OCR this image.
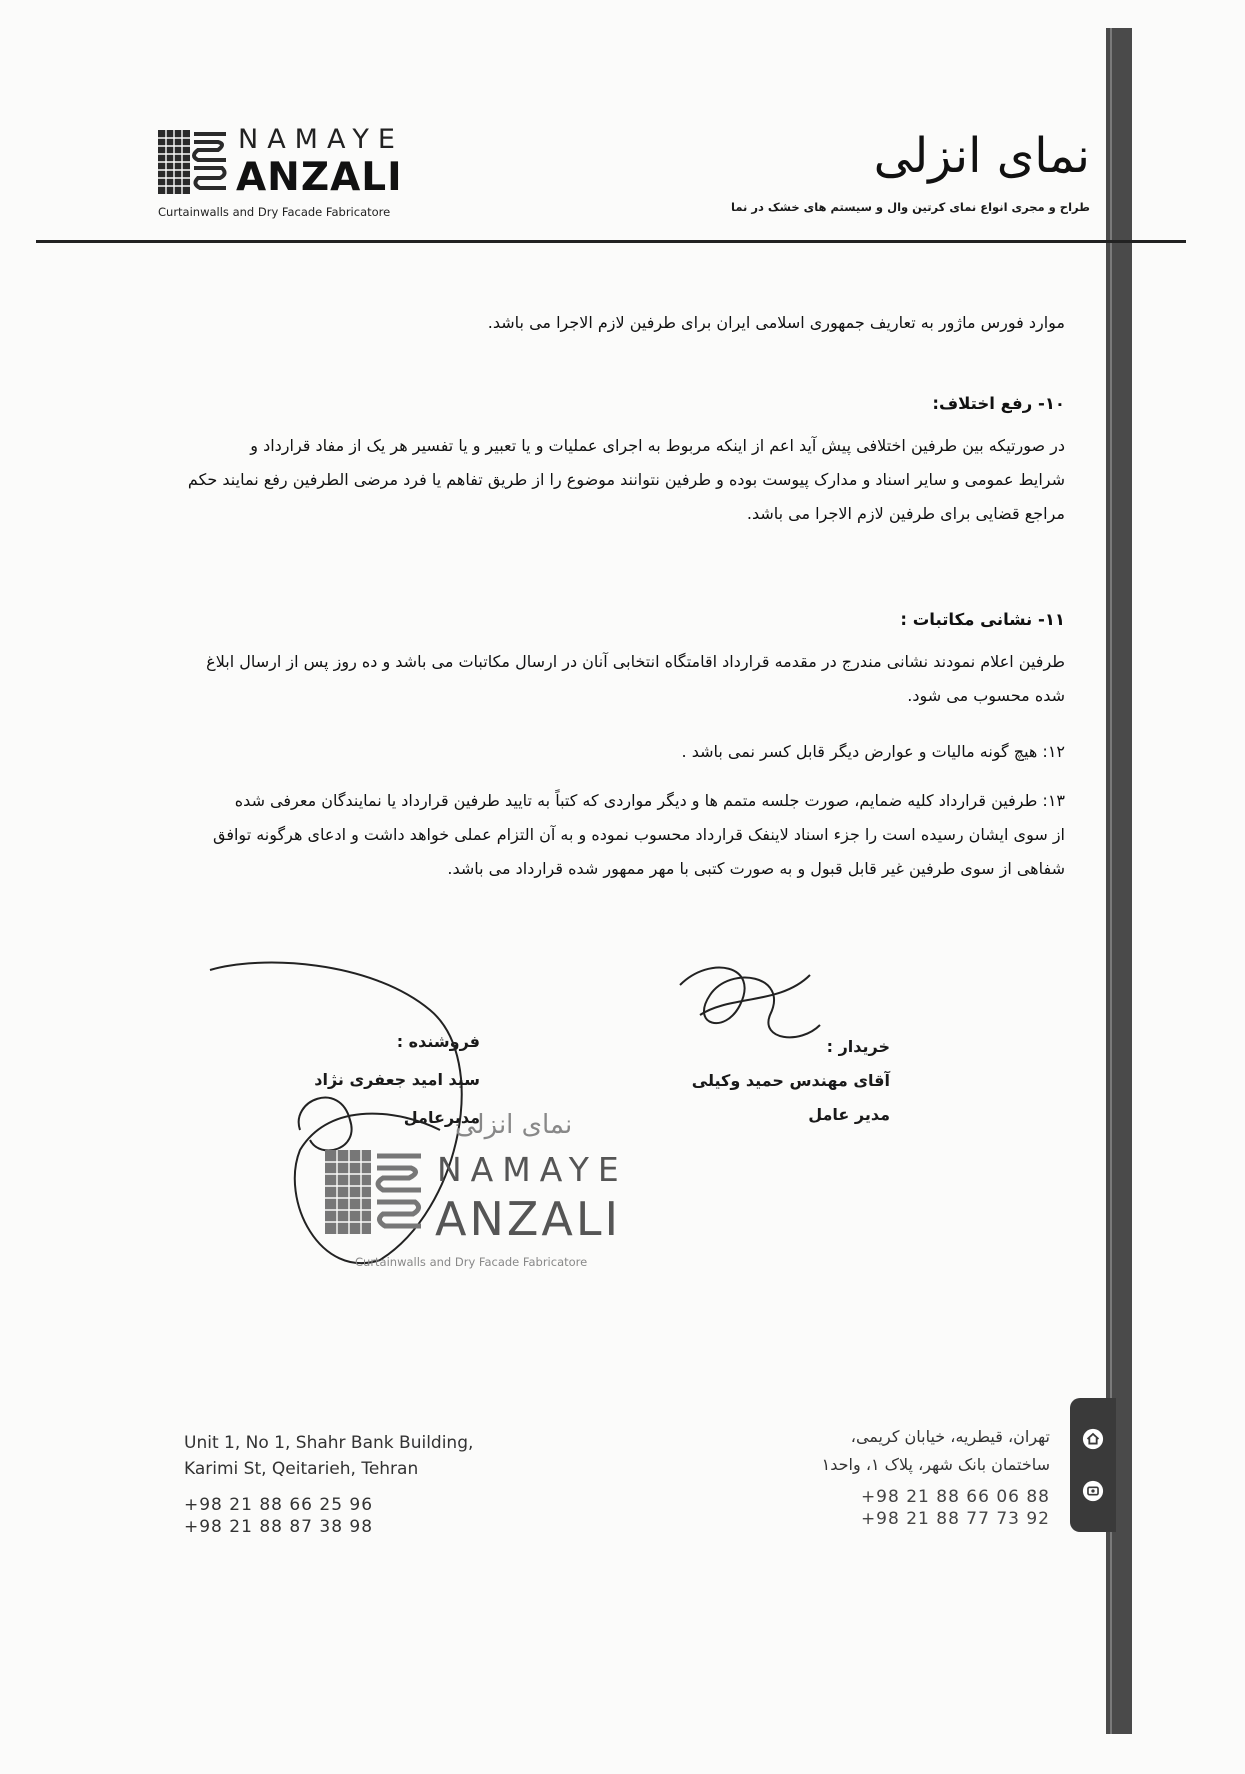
NAMAYE
ANZALI
Curtainwalls and Dry Facade Fabricatore
نمای انزلی
طراح و مجری انواع نمای کرتین وال و سیستم های خشک در نما
موارد فورس ماژور به تعاریف جمهوری اسلامی ایران برای طرفین لازم الاجرا می باشد.
۱۰- رفع اختلاف:
در صورتیکه بین طرفین اختلافی پیش آید اعم از اینکه مربوط به اجرای عملیات و یا تعبیر و یا تفسیر هر یک از مفاد قرارداد و
شرایط عمومی و سایر اسناد و مدارک پیوست بوده و طرفین نتوانند موضوع را از طریق تفاهم یا فرد مرضی الطرفین رفع نمایند حکم
مراجع قضایی برای طرفین لازم الاجرا می باشد.
۱۱- نشانی مکاتبات :
طرفین اعلام نمودند نشانی مندرج در مقدمه قرارداد اقامتگاه انتخابی آنان در ارسال مکاتبات می باشد و ده روز پس از ارسال ابلاغ
شده محسوب می شود.
۱۲: هیچ گونه مالیات و عوارض دیگر قابل کسر نمی باشد .
۱۳: طرفین قرارداد کلیه ضمایم، صورت جلسه متمم ها و دیگر مواردی که کتباً به تایید طرفین قرارداد یا نمایندگان معرفی شده
از سوی ایشان رسیده است را جزء اسناد لاینفک قرارداد محسوب نموده و به آن التزام عملی خواهد داشت و ادعای هرگونه توافق
شفاهی از سوی طرفین غیر قابل قبول و به صورت کتبی با مهر ممهور شده قرارداد می باشد.
فروشنده :
سید امید جعفری نژاد
مدیرعامل
خریدار :
آقای مهندس حمید وکیلی
مدیر عامل
نمای انزلی
NAMAYE
ANZALI
Curtainwalls and Dry Facade Fabricatore
Unit 1, No 1, Shahr Bank Building,
Karimi St, Qeitarieh, Tehran
+98 21 88 66 25 96
+98 21 88 87 38 98
تهران، قیطریه، خیابان کریمی،
ساختمان بانک شهر، پلاک ۱، واحد۱
+98 21 88 66 06 88
+98 21 88 77 73 92
